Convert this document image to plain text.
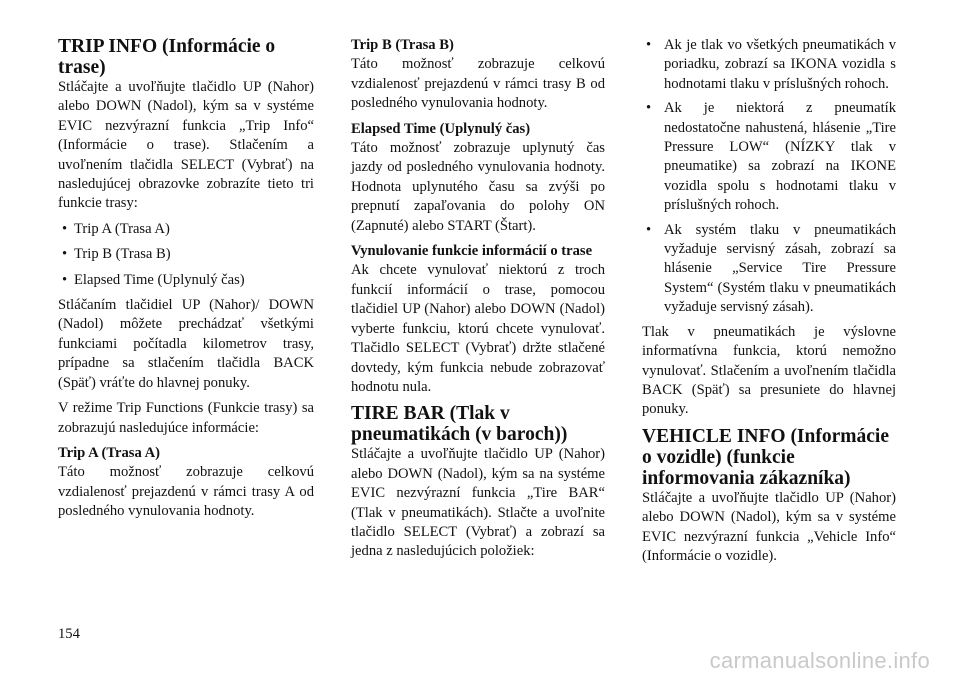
TRIP INFO (Informácie o trase)

Stláčajte a uvoľňujte tlačidlo UP (Nahor) alebo DOWN (Nadol), kým sa v systéme EVIC nezvýrazní funkcia „Trip Info“ (Informácie o trase). Stlačením a uvoľnením tlačidla SELECT (Vybrať) na nasledujúcej obrazovke zobrazíte tieto tri funkcie trasy:

• Trip A (Trasa A)
• Trip B (Trasa B)
• Elapsed Time (Uplynulý čas)

Stláčaním tlačidiel UP (Nahor)/ DOWN (Nadol) môžete prechádzať všetkými funkciami počítadla kilometrov trasy, prípadne sa stlačením tlačidla BACK (Späť) vráťte do hlavnej ponuky.

V režime Trip Functions (Funkcie trasy) sa zobrazujú nasledujúce informácie:

Trip A (Trasa A)

Táto možnosť zobrazuje celkovú vzdialenosť prejazdenú v rámci trasy A od posledného vynulovania hodnoty.

Trip B (Trasa B)

Táto možnosť zobrazuje celkovú vzdialenosť prejazdenú v rámci trasy B od posledného vynulovania hodnoty.

Elapsed Time (Uplynulý čas)

Táto možnosť zobrazuje uplynutý čas jazdy od posledného vynulovania hodnoty. Hodnota uplynutého času sa zvýši po prepnutí zapaľovania do polohy ON (Zapnuté) alebo START (Štart).

Vynulovanie funkcie informácií o trase

Ak chcete vynulovať niektorú z troch funkcií informácií o trase, pomocou tlačidiel UP (Nahor) alebo DOWN (Nadol) vyberte funkciu, ktorú chcete vynulovať. Tlačidlo SELECT (Vybrať) držte stlačené dovtedy, kým funkcia nebude zobrazovať hodnotu nula.

TIRE BAR (Tlak v pneumatikách (v baroch))

Stláčajte a uvoľňujte tlačidlo UP (Nahor) alebo DOWN (Nadol), kým sa na systéme EVIC nezvýrazní funkcia „Tire BAR“ (Tlak v pneumatikách). Stlačte a uvoľnite tlačidlo SELECT (Vybrať) a zobrazí sa jedna z nasledujúcich položiek:

• Ak je tlak vo všetkých pneumatikách v poriadku, zobrazí sa IKONA vozidla s hodnotami tlaku v príslušných rohoch.
• Ak je niektorá z pneumatík nedostatočne nahustená, hlásenie „Tire Pressure LOW“ (NÍZKY tlak v pneumatike) sa zobrazí na IKONE vozidla spolu s hodnotami tlaku v príslušných rohoch.
• Ak systém tlaku v pneumatikách vyžaduje servisný zásah, zobrazí sa hlásenie „Service Tire Pressure System“ (Systém tlaku v pneumatikách vyžaduje servisný zásah).

Tlak v pneumatikách je výslovne informatívna funkcia, ktorú nemožno vynulovať. Stlačením a uvoľnením tlačidla BACK (Späť) sa presuniete do hlavnej ponuky.

VEHICLE INFO (Informácie o vozidle) (funkcie informovania zákazníka)

Stláčajte a uvoľňujte tlačidlo UP (Nahor) alebo DOWN (Nadol), kým sa v systéme EVIC nezvýrazní funkcia „Vehicle Info“ (Informácie o vozidle).

154
carmanualsonline.info
